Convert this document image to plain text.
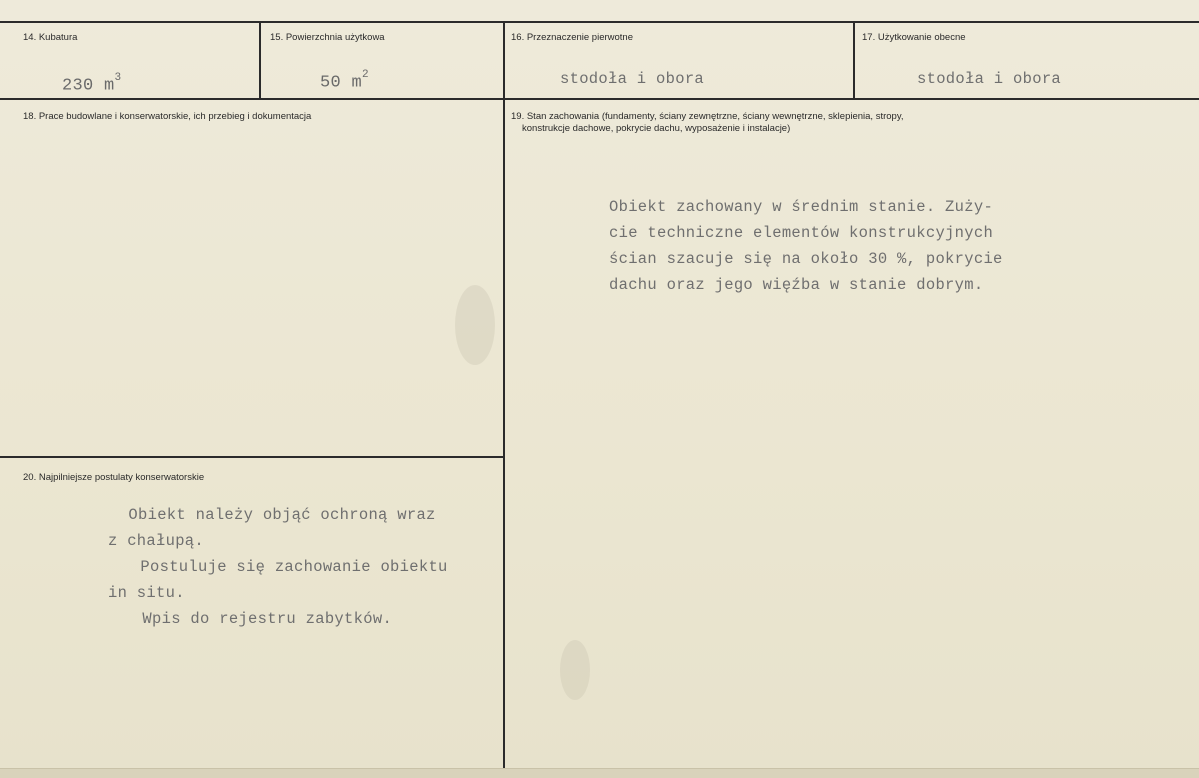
14. Kubatura
230 $m^3$
15. Powierzchnia użytkowa
50 $m^2$
16. Przeznaczenie pierwotne
stodoła i obora
17. Użytkowanie obecne
stodoła i obora
18. Prace budowlane i konserwatorskie, ich przebieg i dokumentacja	19. Stan zachowania (fundamenty, ściany zewnętrzne, ściany wewnętrzne, sklepienia, stropy,
konstrukcje dachowe, pokrycie dachu, wyposażenie i instalacje)
Obiekt zachowany w średnim stanie. Zuży-
cie techniczne elementów konstrukcyjnych
ścian szacuje się na około 30 %, pokrycie
dachu oraz jego więźba w stanie dobrym.
20. Najpilniejsze postulaty konserwatorskie
Obiekt należy objąć ochroną wraz
z chałupą.
Postuluje się zachowanie obiektu
in situ.
Wpis do rejestru zabytków.
